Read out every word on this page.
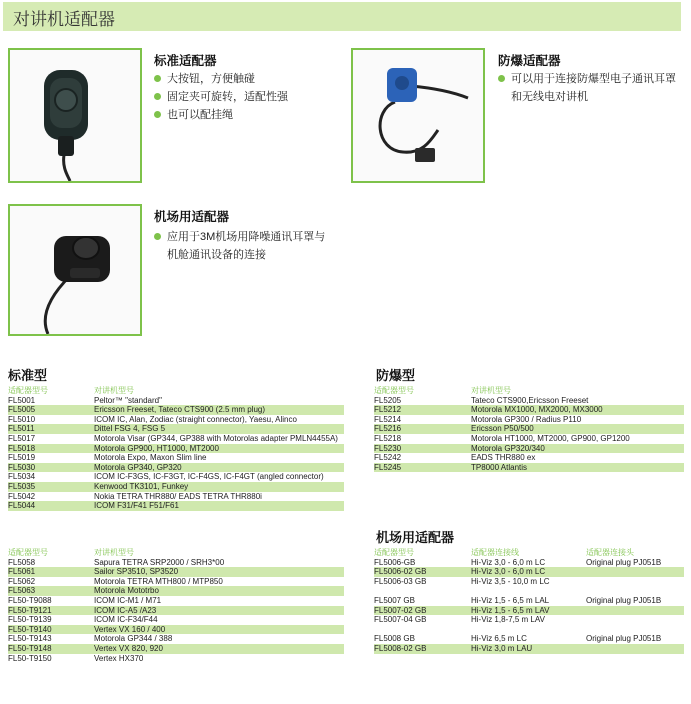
对讲机适配器
标准适配器
大按钮，方便触碰
固定夹可旋转，适配性强
也可以配挂绳
防爆适配器
可以用于连接防爆型电子通讯耳罩和无线电对讲机
机场用适配器
应用于3M机场用降噪通讯耳罩与机舱通讯设备的连接
标准型	防爆型
机场用适配器
适配器型号	对讲机型号
FL5001	Peltor™ "standard"
FL5005	Ericsson Freeset, Tateco CTS900 (2.5 mm plug)
FL5010	ICOM IC, Alan, Zodiac (straight connector), Yaesu, Alinco
FL5011	Dittel FSG 4, FSG 5
FL5017	Motorola Visar (GP344, GP388 with Motorolas adapter PMLN4455A)
FL5018	Motorola GP900, HT1000, MT2000
FL5019	Motorola Expo, Maxon Slim line
FL5030	Motorola GP340, GP320
FL5034	ICOM IC-F3GS, IC-F3GT, IC-F4GS, IC-F4GT (angled connector)
FL5035	Kenwood TK3101, Funkey
FL5042	Nokia TETRA THR880/ EADS TETRA THR880i
FL5044	ICOM F31/F41 F51/F61
适配器型号	对讲机型号
FL5058	Sapura TETRA SRP2000 / SRH3*00
FL5061	Sailor SP3510, SP3520
FL5062	Motorola TETRA MTH800 / MTP850
FL5063	Motorola Mototrbo
FL50-T9088	ICOM IC-M1 / M71
FL50-T9121	ICOM IC-A5 /A23
FL50-T9139	ICOM IC-F34/F44
FL50-T9140	Vertex VX 160 / 400
FL50-T9143	Motorola GP344 / 388
FL50-T9148	Vertex VX 820, 920
FL50-T9150	Vertex HX370
适配器型号	对讲机型号
FL5205	Tateco CTS900,Ericsson Freeset
FL5212	Motorola MX1000, MX2000, MX3000
FL5214	Motorola GP300 / Radius P110
FL5216	Ericsson P50/500
FL5218	Motorola HT1000, MT2000, GP900, GP1200
FL5230	Motorola GP320/340
FL5242	EADS THR880 ex
FL5245	TP8000 Atlantis
适配器型号	适配器连接线	适配器连接头
FL5006-GB	Hi-Viz 3,0 - 6,0 m LC	Original plug PJ051B
FL5006-02 GB	Hi-Viz 3,0 - 6,0 m LC
FL5006-03 GB	Hi-Viz 3,5 - 10,0 m LC
FL5007 GB	Hi-Viz 1,5 - 6,5 m LAL	Original plug PJ051B
FL5007-02 GB	Hi-Viz 1,5 - 6,5 m LAV
FL5007-04 GB	Hi-Viz 1,8-7,5 m LAV
FL5008 GB	Hi-Viz 6,5 m LC	Original plug PJ051B
FL5008-02 GB	Hi-Viz 3,0 m LAU
